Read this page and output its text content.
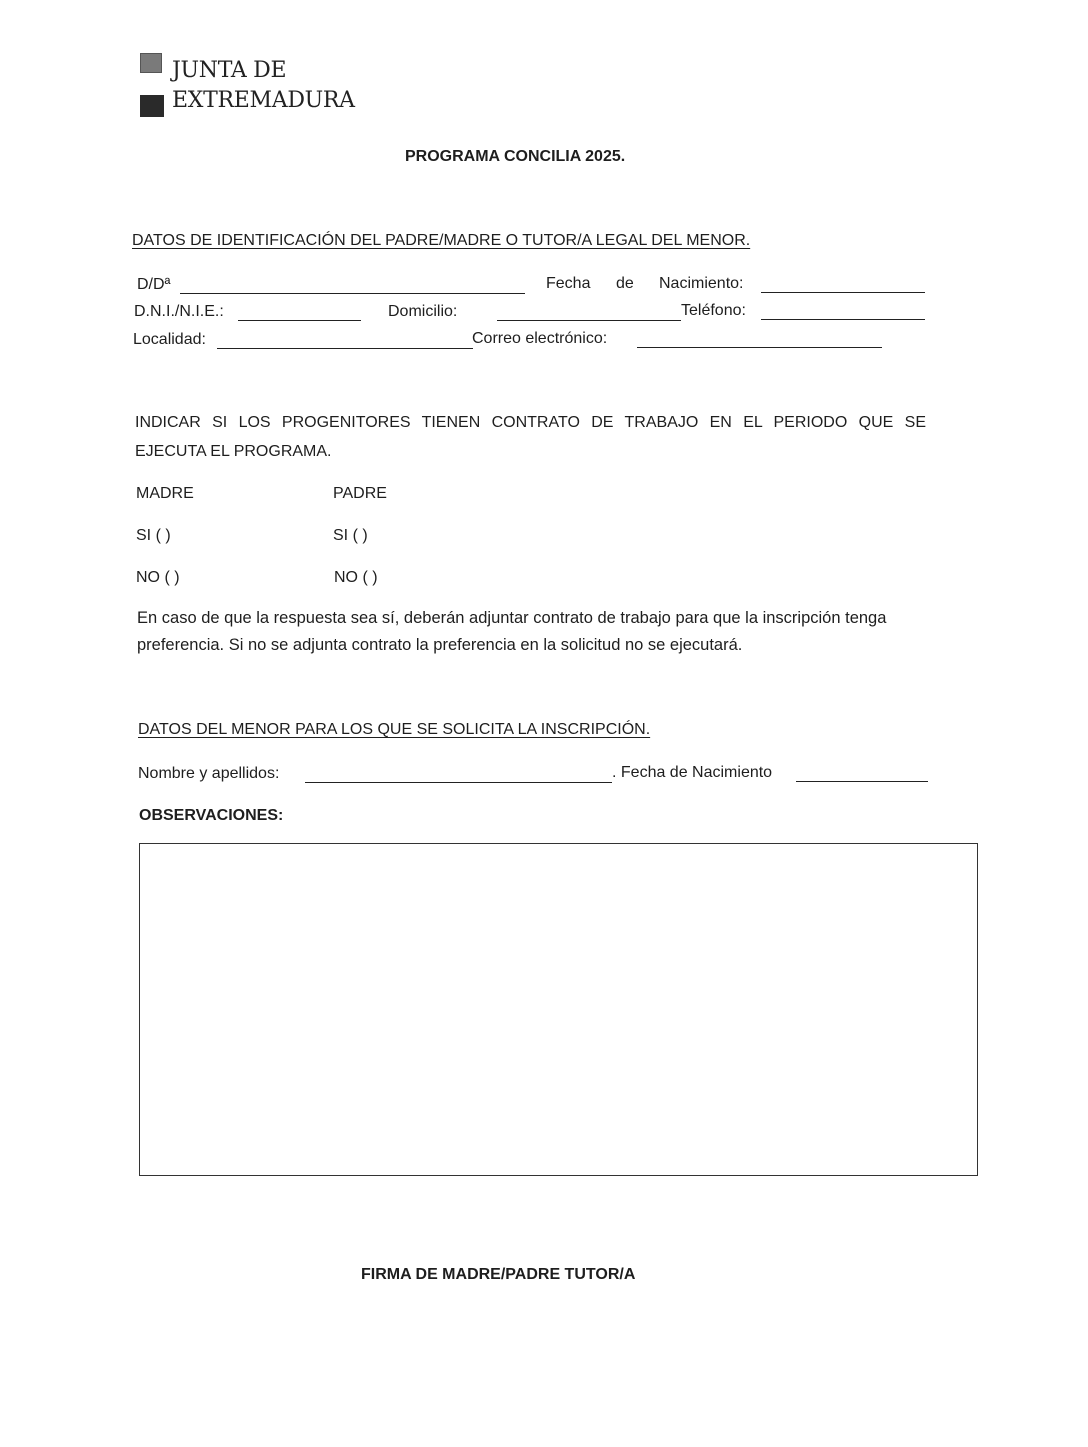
JUNTA DE
EXTREMADURA
PROGRAMA CONCILIA 2025.
DATOS DE IDENTIFICACIÓN DEL PADRE/MADRE O TUTOR/A LEGAL DEL MENOR.
D/Dª	Fecha de Nacimiento:
D.N.I./N.I.E.:	Domicilio:	Teléfono:
Localidad:	Correo electrónico:
INDICAR SI LOS PROGENITORES TIENEN CONTRATO DE TRABAJO EN EL PERIODO QUE SE
EJECUTA EL PROGRAMA.
MADRE	PADRE
SI ( )	SI ( )
NO ( )	NO ( )
En caso de que la respuesta sea sí, deberán adjuntar contrato de trabajo para que la inscripción tenga preferencia. Si no se adjunta contrato la preferencia en la solicitud no se ejecutará.
DATOS DEL MENOR PARA LOS QUE SE SOLICITA LA INSCRIPCIÓN.
Nombre y apellidos:	. Fecha de Nacimiento
OBSERVACIONES:
FIRMA DE MADRE/PADRE TUTOR/A
